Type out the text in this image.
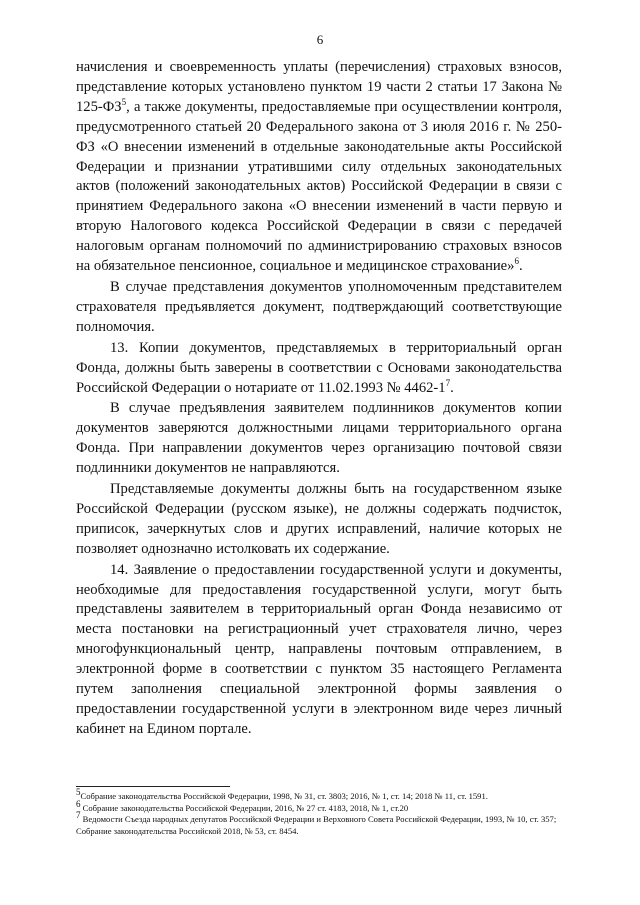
6

начисления и своевременность уплаты (перечисления) страховых взносов, представление которых установлено пунктом 19 части 2 статьи 17 Закона № $125-ФЗ^5$, а также документы, предоставляемые при осуществлении контроля, предусмотренного статьей 20 Федерального закона от 3 июля 2016 г. № 250-ФЗ «О внесении изменений в отдельные законодательные акты Российской Федерации и признании утратившими силу отдельных законодательных актов (положений законодательных актов) Российской Федерации в связи с принятием Федерального закона «О внесении изменений в части первую и вторую Налогового кодекса Российской Федерации в связи с передачей налоговым органам полномочий по администрированию страховых взносов на обязательное пенсионное, социальное и медицинское страхование»$^6$.

В случае представления документов уполномоченным представителем страхователя предъявляется документ, подтверждающий соответствующие полномочия.

13. Копии документов, представляемых в территориальный орган Фонда, должны быть заверены в соответствии с Основами законодательства Российской Федерации о нотариате от 11.02.1993 № $4462-1^7$.

В случае предъявления заявителем подлинников документов копии документов заверяются должностными лицами территориального органа Фонда. При направлении документов через организацию почтовой связи подлинники документов не направляются.

Представляемые документы должны быть на государственном языке Российской Федерации (русском языке), не должны содержать подчисток, приписок, зачеркнутых слов и других исправлений, наличие которых не позволяет однозначно истолковать их содержание.

14. Заявление о предоставлении государственной услуги и документы, необходимые для предоставления государственной услуги, могут быть представлены заявителем в территориальный орган Фонда независимо от места постановки на регистрационный учет страхователя лично, через многофункциональный центр, направлены почтовым отправлением, в электронной форме в соответствии с пунктом 35 настоящего Регламента путем заполнения специальной электронной формы заявления о предоставлении государственной услуги в электронном виде через личный кабинет на Едином портале.

$^5$Собрание законодательства Российской Федерации, 1998, № 31, ст. 3803; 2016, № 1, ст. 14; 2018 № 11, ст. 1591.

$^6$ Собрание законодательства Российской Федерации, 2016, № 27 ст. 4183, 2018, № 1, ст.20

$^7$ Ведомости Съезда народных депутатов Российской Федерации и Верховного Совета Российской Федерации, 1993, № 10, ст. 357; Собрание законодательства Российской 2018, № 53, ст. 8454.
